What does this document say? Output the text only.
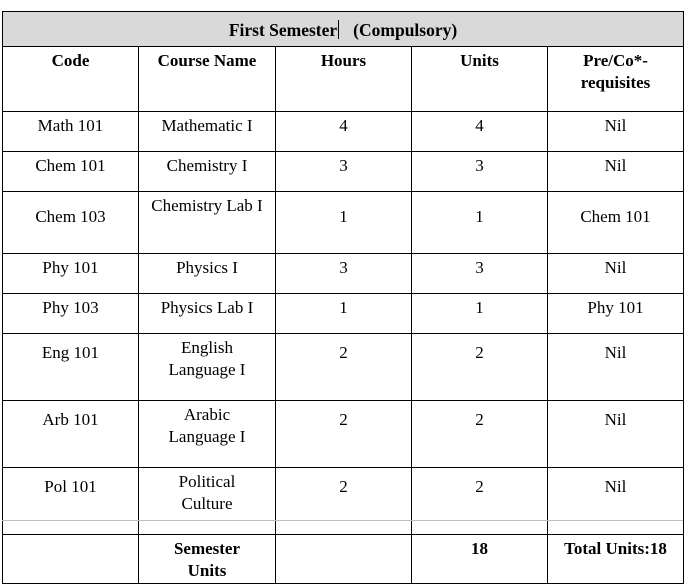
First Semester (Compulsory)				
Code	Course Name	Hours	Units	Pre/Co*-requisites
Math 101	Mathematic I	4	4	Nil
Chem 101	Chemistry I	3	3	Nil
Chem 103	Chemistry Lab I	1	1	Chem 101
Phy 101	Physics I	3	3	Nil
Phy 103	Physics Lab I	1	1	Phy 101
Eng 101	English Language I	2	2	Nil
Arb 101	Arabic Language I	2	2	Nil
Pol 101	Political Culture	2	2	Nil
	Semester Units		18	Total Units:18
